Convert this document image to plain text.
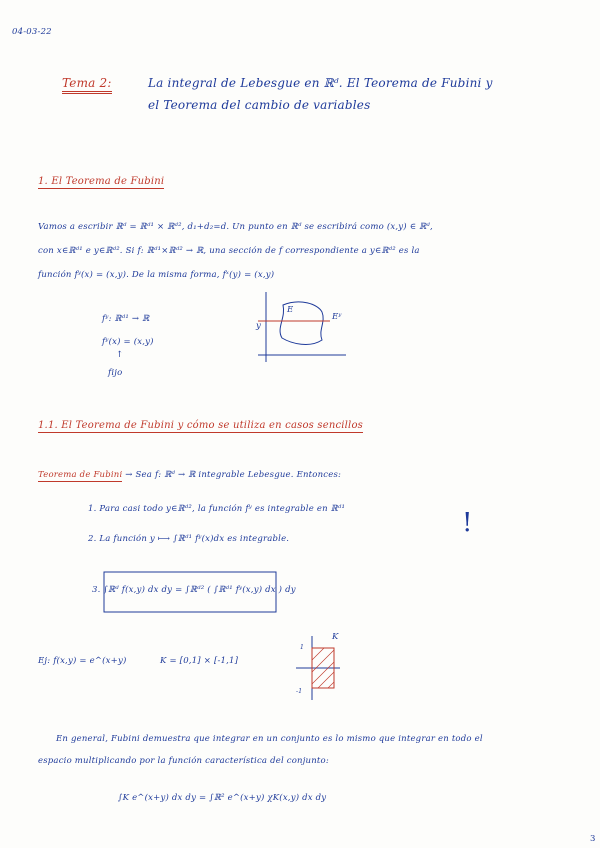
04-03-22
Tema 2:	La integral de Lebesgue en ℝᵈ. El Teorema de Fubini y
el Teorema del cambio de variables
1. El Teorema de Fubini
Vamos a escribir ℝᵈ = ℝᵈ¹ × ℝᵈ², d₁+d₂=d. Un punto en ℝᵈ se escribirá como (x,y) ∈ ℝᵈ,
con x∈ℝᵈ¹ e y∈ℝᵈ². Si f: ℝᵈ¹×ℝᵈ² → ℝ, una sección de f correspondiente a y∈ℝᵈ² es la
función fʸ(x) = (x,y). De la misma forma, fˣ(y) = (x,y)
fʸ: ℝᵈ¹ → ℝ
fʸ(x) = (x,y)
↑
fijo
y
E
Eʸ
1.1. El Teorema de Fubini y cómo se utiliza en casos sencillos
Teorema de Fubini → Sea f: ℝᵈ → ℝ integrable Lebesgue. Entonces:
1. Para casi todo y∈ℝᵈ², la función fʸ es integrable en ℝᵈ¹
2. La función y ⟼ ∫ℝᵈ¹ fʸ(x)dx es integrable.
!
3. ∫ℝᵈ f(x,y) dx dy = ∫ℝᵈ² ( ∫ℝᵈ¹ fʸ(x,y) dx ) dy
Ej: f(x,y) = e^(x+y)	K = [0,1] × [-1,1]
K
1
-1
En general, Fubini demuestra que integrar en un conjunto es lo mismo que integrar en todo el
espacio multiplicando por la función característica del conjunto:
∫K e^(x+y) dx dy = ∫ℝ² e^(x+y) χK(x,y) dx dy
3
